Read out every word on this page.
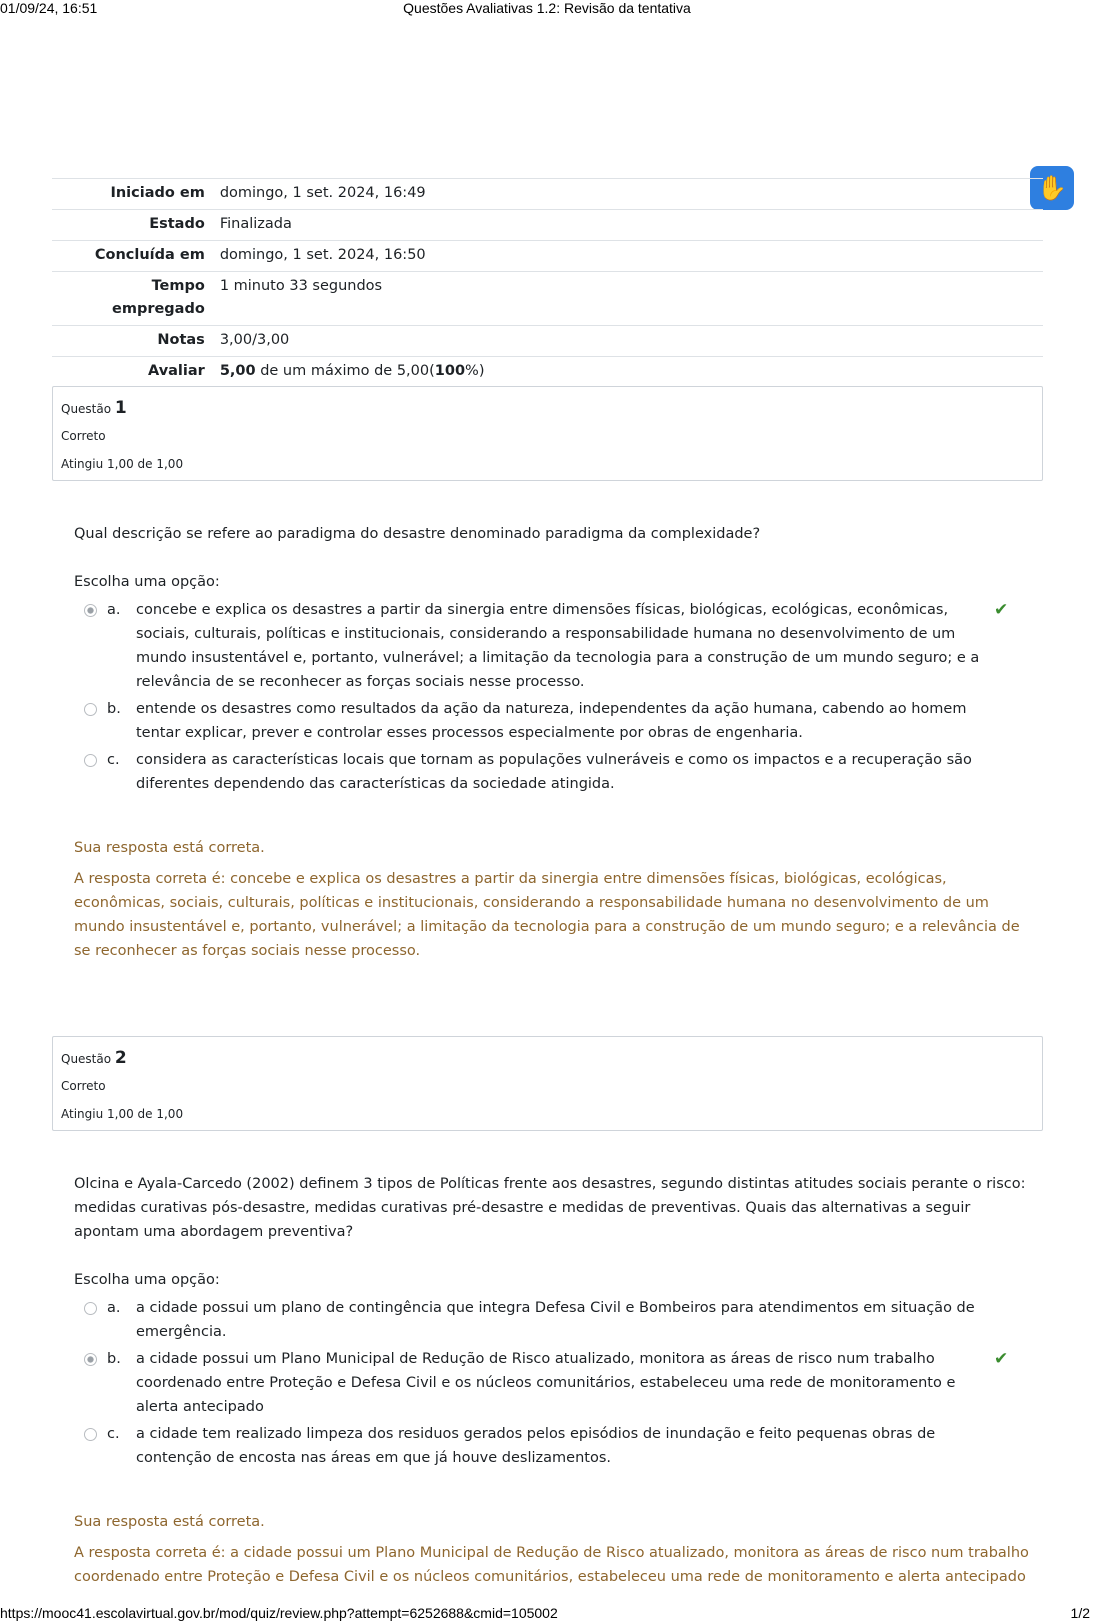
01/09/24, 16:51	Questões Avaliativas 1.2: Revisão da tentativa
✋
Iniciado em	domingo, 1 set. 2024, 16:49
Estado	Finalizada
Concluída em	domingo, 1 set. 2024, 16:50
Tempo empregado	1 minuto 33 segundos
Notas	3,00/3,00
Avaliar	5,00 de um máximo de 5,00(100%)
Questão 1
Correto
Atingiu 1,00 de 1,00
Qual descrição se refere ao paradigma do desastre denominado paradigma da complexidade?
Escolha uma opção:
a.	concebe e explica os desastres a partir da sinergia entre dimensões físicas, biológicas, ecológicas, econômicas, sociais, culturais, políticas e institucionais, considerando a responsabilidade humana no desenvolvimento de um mundo insustentável e, portanto, vulnerável; a limitação da tecnologia para a construção de um mundo seguro; e a relevância de se reconhecer as forças sociais nesse processo.
✔
b.	entende os desastres como resultados da ação da natureza, independentes da ação humana, cabendo ao homem tentar explicar, prever e controlar esses processos especialmente por obras de engenharia.
c.	considera as características locais que tornam as populações vulneráveis e como os impactos e a recuperação são diferentes dependendo das características da sociedade atingida.

Sua resposta está correta.

A resposta correta é: concebe e explica os desastres a partir da sinergia entre dimensões físicas, biológicas, ecológicas, econômicas, sociais, culturais, políticas e institucionais, considerando a responsabilidade humana no desenvolvimento de um mundo insustentável e, portanto, vulnerável; a limitação da tecnologia para a construção de um mundo seguro; e a relevância de se reconhecer as forças sociais nesse processo.

Questão 2
Correto
Atingiu 1,00 de 1,00
Olcina e Ayala-Carcedo (2002) definem 3 tipos de Políticas frente aos desastres, segundo distintas atitudes sociais perante o risco: medidas curativas pós-desastre, medidas curativas pré-desastre e medidas de preventivas. Quais das alternativas a seguir apontam uma abordagem preventiva?
Escolha uma opção:
a.	a cidade possui um plano de contingência que integra Defesa Civil e Bombeiros para atendimentos em situação de emergência.
b.	a cidade possui um Plano Municipal de Redução de Risco atualizado, monitora as áreas de risco num trabalho coordenado entre Proteção e Defesa Civil e os núcleos comunitários, estabeleceu uma rede de monitoramento e alerta antecipado
✔
c.	a cidade tem realizado limpeza dos residuos gerados pelos episódios de inundação e feito pequenas obras de contenção de encosta nas áreas em que já houve deslizamentos.

Sua resposta está correta.

A resposta correta é: a cidade possui um Plano Municipal de Redução de Risco atualizado, monitora as áreas de risco num trabalho coordenado entre Proteção e Defesa Civil e os núcleos comunitários, estabeleceu uma rede de monitoramento e alerta antecipado

https://mooc41.escolavirtual.gov.br/mod/quiz/review.php?attempt=6252688&cmid=105002	1/2
